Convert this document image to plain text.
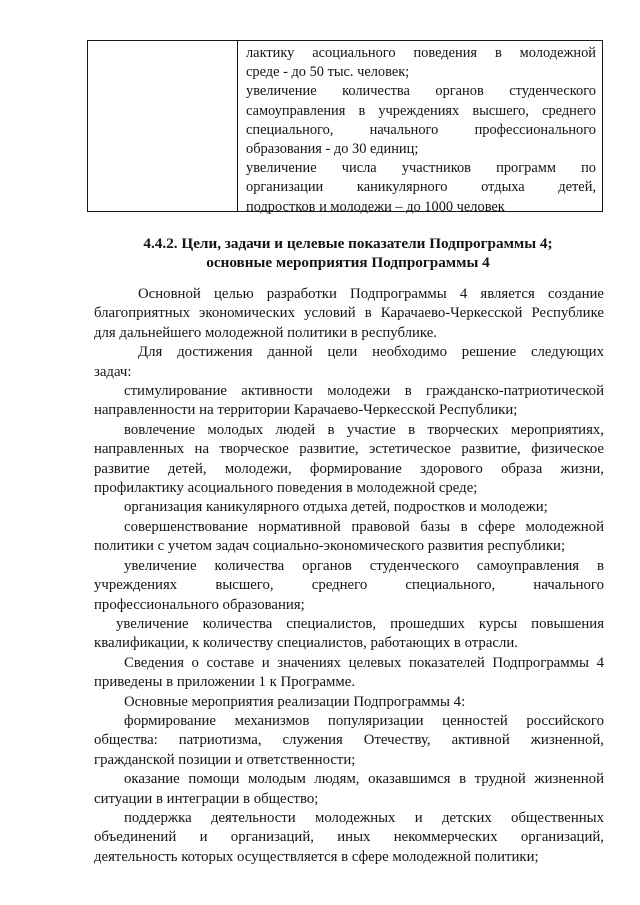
лактику асоциального поведения в молодежной
среде - до 50 тыс. человек;
увеличение количества органов студенческого
самоуправления в учреждениях высшего, среднего
специального, начального профессионального
образования - до 30 единиц;
увеличение числа участников программ по
организации каникулярного отдыха детей,
подростков и молодежи – до 1000 человек
4.4.2. Цели, задачи и целевые показатели Подпрограммы 4;
основные мероприятия Подпрограммы 4
Основной целью разработки Подпрограммы 4 является создание
благоприятных экономических условий в Карачаево-Черкесской Республике
для дальнейшего молодежной политики в республике.
Для достижения данной цели необходимо решение следующих
задач:
стимулирование активности молодежи в гражданско-патриотической
направленности на территории Карачаево-Черкесской Республики;
вовлечение молодых людей в участие в творческих мероприятиях,
направленных на творческое развитие, эстетическое развитие, физическое
развитие детей, молодежи, формирование здорового образа жизни,
профилактику асоциального поведения в молодежной среде;
организация каникулярного отдыха детей, подростков и молодежи;
совершенствование нормативной правовой базы в сфере молодежной
политики с учетом задач социально-экономического развития республики;
увеличение количества органов студенческого самоуправления в
учреждениях высшего, среднего специального, начального
профессионального образования;
увеличение количества специалистов, прошедших курсы повышения
квалификации, к количеству специалистов, работающих в отрасли.
Сведения о составе и значениях целевых показателей Подпрограммы 4
приведены в приложении 1 к Программе.
Основные мероприятия реализации Подпрограммы 4:
формирование механизмов популяризации ценностей российского
общества: патриотизма, служения Отечеству, активной жизненной,
гражданской позиции и ответственности;
оказание помощи молодым людям, оказавшимся в трудной жизненной
ситуации в интеграции в общество;
поддержка деятельности молодежных и детских общественных
объединений и организаций, иных некоммерческих организаций,
деятельность которых осуществляется в сфере молодежной политики;
